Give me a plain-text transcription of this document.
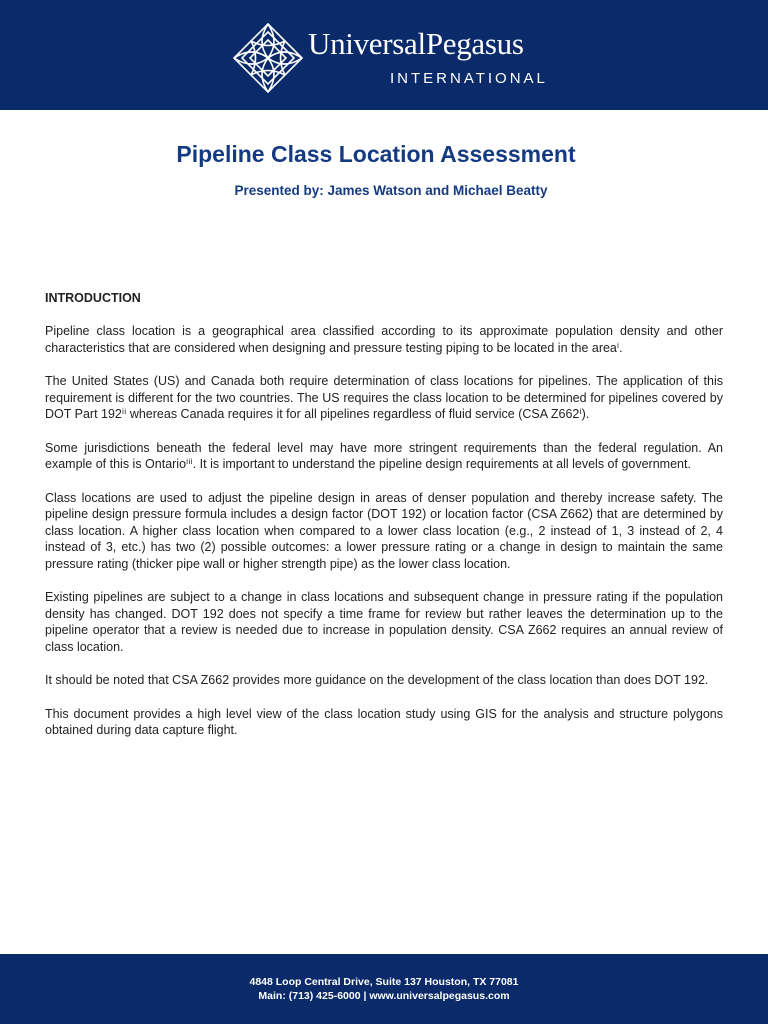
UniversalPegasus
INTERNATIONAL
Pipeline Class Location Assessment
Presented by: James Watson and Michael Beatty
INTRODUCTION

Pipeline class location is a geographical area classified according to its approximate population density and other characteristics that are considered when designing and pressure testing piping to be located in the areaⁱ.

The United States (US) and Canada both require determination of class locations for pipelines. The application of this requirement is different for the two countries. The US requires the class location to be determined for pipelines covered by DOT Part 192ⁱⁱ whereas Canada requires it for all pipelines regardless of fluid service (CSA Z662ⁱ).

Some jurisdictions beneath the federal level may have more stringent requirements than the federal regulation. An example of this is Ontarioⁱⁱⁱ. It is important to understand the pipeline design requirements at all levels of government.

Class locations are used to adjust the pipeline design in areas of denser population and thereby increase safety. The pipeline design pressure formula includes a design factor (DOT 192) or location factor (CSA Z662) that are determined by class location. A higher class location when compared to a lower class location (e.g., 2 instead of 1, 3 instead of 2, 4 instead of 3, etc.) has two (2) possible outcomes: a lower pressure rating or a change in design to maintain the same pressure rating (thicker pipe wall or higher strength pipe) as the lower class location.

Existing pipelines are subject to a change in class locations and subsequent change in pressure rating if the population density has changed. DOT 192 does not specify a time frame for review but rather leaves the determination up to the pipeline operator that a review is needed due to increase in population density. CSA Z662 requires an annual review of class location.

It should be noted that CSA Z662 provides more guidance on the development of the class location than does DOT 192.

This document provides a high level view of the class location study using GIS for the analysis and structure polygons obtained during data capture flight.

4848 Loop Central Drive, Suite 137 Houston, TX 77081
Main: (713) 425-6000 | www.universalpegasus.com
